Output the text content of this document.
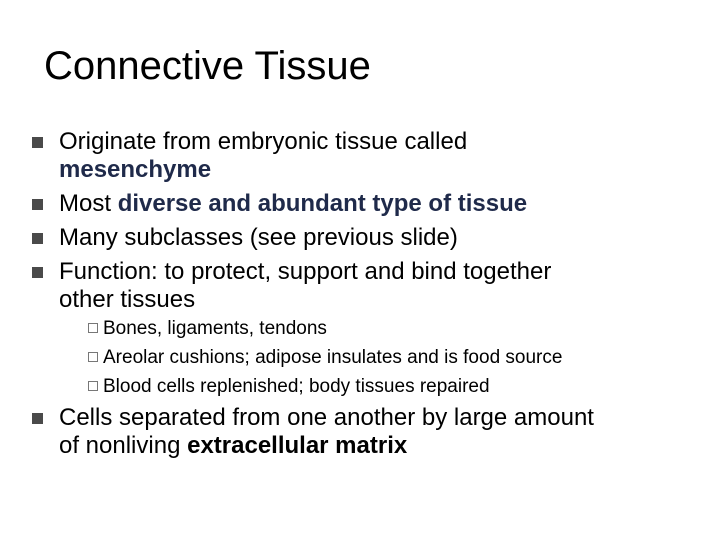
Connective Tissue
Originate from embryonic tissue called
mesenchyme
Most diverse and abundant type of tissue
Many subclasses (see previous slide)
Function: to protect, support and bind together
other tissues
Bones, ligaments, tendons
Areolar cushions; adipose insulates and is food source
Blood cells replenished; body tissues repaired
Cells separated from one another by large amount
of nonliving extracellular matrix
